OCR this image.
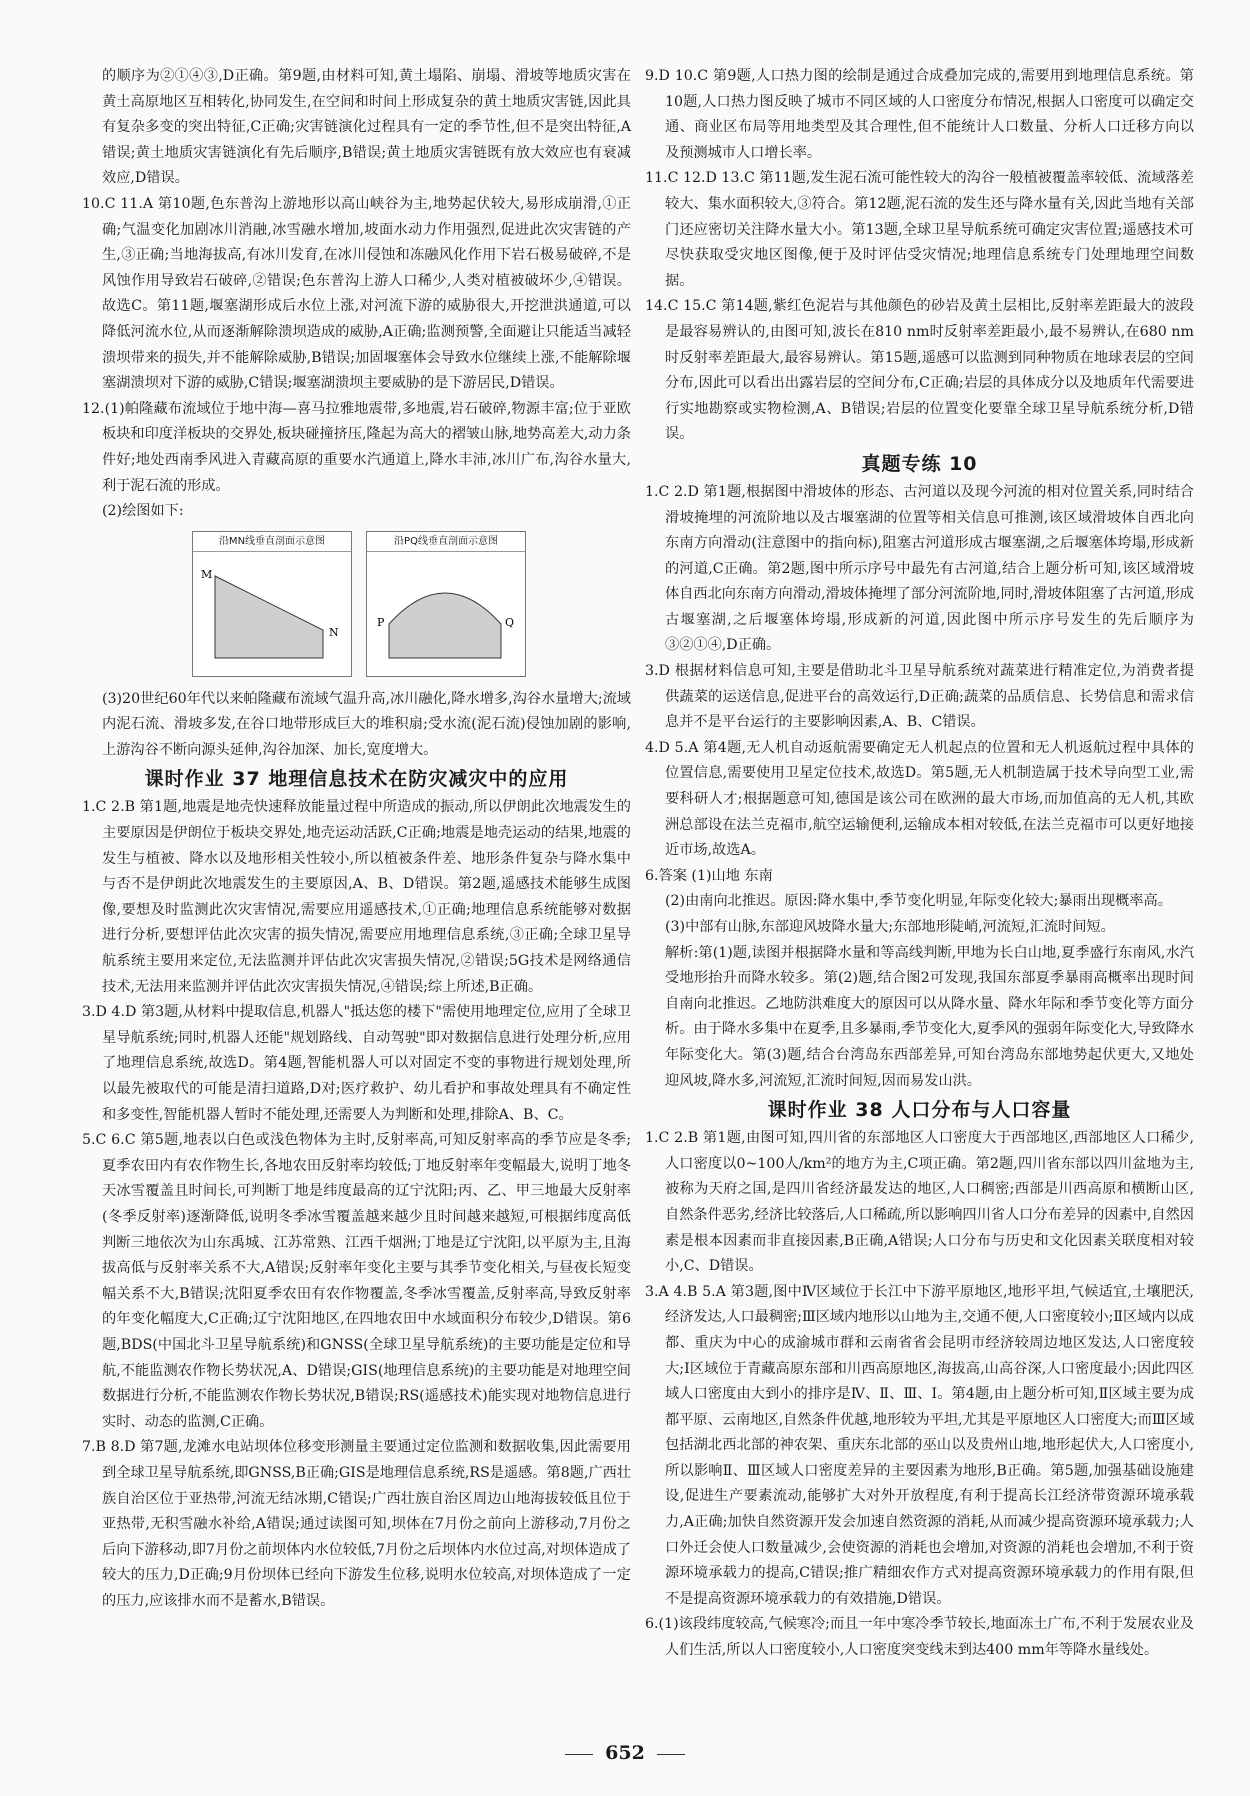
的顺序为②①④③,D正确。第9题,由材料可知,黄土塌陷、崩塌、滑坡等地质灾害在黄土高原地区互相转化,协同发生,在空间和时间上形成复杂的黄土地质灾害链,因此具有复杂多变的突出特征,C正确;灾害链演化过程具有一定的季节性,但不是突出特征,A错误;黄土地质灾害链演化有先后顺序,B错误;黄土地质灾害链既有放大效应也有衰减效应,D错误。

10.C 11.A 第10题,色东普沟上游地形以高山峡谷为主,地势起伏较大,易形成崩滑,①正确;气温变化加剧冰川消融,冰雪融水增加,坡面水动力作用强烈,促进此次灾害链的产生,③正确;当地海拔高,有冰川发育,在冰川侵蚀和冻融风化作用下岩石极易破碎,不是风蚀作用导致岩石破碎,②错误;色东普沟上游人口稀少,人类对植被破坏少,④错误。故选C。第11题,堰塞湖形成后水位上涨,对河流下游的威胁很大,开挖泄洪通道,可以降低河流水位,从而逐渐解除溃坝造成的威胁,A正确;监测预警,全面避让只能适当减轻溃坝带来的损失,并不能解除威胁,B错误;加固堰塞体会导致水位继续上涨,不能解除堰塞湖溃坝对下游的威胁,C错误;堰塞湖溃坝主要威胁的是下游居民,D错误。

12.(1)帕隆藏布流域位于地中海—喜马拉雅地震带,多地震,岩石破碎,物源丰富;位于亚欧板块和印度洋板块的交界处,板块碰撞挤压,隆起为高大的褶皱山脉,地势高差大,动力条件好;地处西南季风进入青藏高原的重要水汽通道上,降水丰沛,冰川广布,沟谷水量大,利于泥石流的形成。

(2)绘图如下:

沿MN线垂直剖面示意图
M
N
沿PQ线垂直剖面示意图
P	Q

(3)20世纪60年代以来帕隆藏布流域气温升高,冰川融化,降水增多,沟谷水量增大;流域内泥石流、滑坡多发,在谷口地带形成巨大的堆积扇;受水流(泥石流)侵蚀加剧的影响,上游沟谷不断向源头延伸,沟谷加深、加长,宽度增大。

课时作业 37 地理信息技术在防灾减灾中的应用

1.C 2.B 第1题,地震是地壳快速释放能量过程中所造成的振动,所以伊朗此次地震发生的主要原因是伊朗位于板块交界处,地壳运动活跃,C正确;地震是地壳运动的结果,地震的发生与植被、降水以及地形相关性较小,所以植被条件差、地形条件复杂与降水集中与否不是伊朗此次地震发生的主要原因,A、B、D错误。第2题,遥感技术能够生成图像,要想及时监测此次灾害情况,需要应用遥感技术,①正确;地理信息系统能够对数据进行分析,要想评估此次灾害的损失情况,需要应用地理信息系统,③正确;全球卫星导航系统主要用来定位,无法监测并评估此次灾害损失情况,②错误;5G技术是网络通信技术,无法用来监测并评估此次灾害损失情况,④错误;综上所述,B正确。

3.D 4.D 第3题,从材料中提取信息,机器人"抵达您的楼下"需使用地理定位,应用了全球卫星导航系统;同时,机器人还能"规划路线、自动驾驶"即对数据信息进行处理分析,应用了地理信息系统,故选D。第4题,智能机器人可以对固定不变的事物进行规划处理,所以最先被取代的可能是清扫道路,D对;医疗救护、幼儿看护和事故处理具有不确定性和多变性,智能机器人暂时不能处理,还需要人为判断和处理,排除A、B、C。

5.C 6.C 第5题,地表以白色或浅色物体为主时,反射率高,可知反射率高的季节应是冬季;夏季农田内有农作物生长,各地农田反射率均较低;丁地反射率年变幅最大,说明丁地冬天冰雪覆盖且时间长,可判断丁地是纬度最高的辽宁沈阳;丙、乙、甲三地最大反射率(冬季反射率)逐渐降低,说明冬季冰雪覆盖越来越少且时间越来越短,可根据纬度高低判断三地依次为山东禹城、江苏常熟、江西千烟洲;丁地是辽宁沈阳,以平原为主,且海拔高低与反射率关系不大,A错误;反射率年变化主要与其季节变化相关,与昼夜长短变幅关系不大,B错误;沈阳夏季农田有农作物覆盖,冬季冰雪覆盖,反射率高,导致反射率的年变化幅度大,C正确;辽宁沈阳地区,在四地农田中水域面积分布较少,D错误。第6题,BDS(中国北斗卫星导航系统)和GNSS(全球卫星导航系统)的主要功能是定位和导航,不能监测农作物长势状况,A、D错误;GIS(地理信息系统)的主要功能是对地理空间数据进行分析,不能监测农作物长势状况,B错误;RS(遥感技术)能实现对地物信息进行实时、动态的监测,C正确。

7.B 8.D 第7题,龙滩水电站坝体位移变形测量主要通过定位监测和数据收集,因此需要用到全球卫星导航系统,即GNSS,B正确;GIS是地理信息系统,RS是遥感。第8题,广西壮族自治区位于亚热带,河流无结冰期,C错误;广西壮族自治区周边山地海拔较低且位于亚热带,无积雪融水补给,A错误;通过读图可知,坝体在7月份之前向上游移动,7月份之后向下游移动,即7月份之前坝体内水位较低,7月份之后坝体内水位过高,对坝体造成了较大的压力,D正确;9月份坝体已经向下游发生位移,说明水位较高,对坝体造成了一定的压力,应该排水而不是蓄水,B错误。

9.D 10.C 第9题,人口热力图的绘制是通过合成叠加完成的,需要用到地理信息系统。第10题,人口热力图反映了城市不同区域的人口密度分布情况,根据人口密度可以确定交通、商业区布局等用地类型及其合理性,但不能统计人口数量、分析人口迁移方向以及预测城市人口增长率。

11.C 12.D 13.C 第11题,发生泥石流可能性较大的沟谷一般植被覆盖率较低、流域落差较大、集水面积较大,③符合。第12题,泥石流的发生还与降水量有关,因此当地有关部门还应密切关注降水量大小。第13题,全球卫星导航系统可确定灾害位置;遥感技术可尽快获取受灾地区图像,便于及时评估受灾情况;地理信息系统专门处理地理空间数据。

14.C 15.C 第14题,紫红色泥岩与其他颜色的砂岩及黄土层相比,反射率差距最大的波段是最容易辨认的,由图可知,波长在810 nm时反射率差距最小,最不易辨认,在680 nm时反射率差距最大,最容易辨认。第15题,遥感可以监测到同种物质在地球表层的空间分布,因此可以看出出露岩层的空间分布,C正确;岩层的具体成分以及地质年代需要进行实地勘察或实物检测,A、B错误;岩层的位置变化要靠全球卫星导航系统分析,D错误。

真题专练 10

1.C 2.D 第1题,根据图中滑坡体的形态、古河道以及现今河流的相对位置关系,同时结合滑坡掩埋的河流阶地以及古堰塞湖的位置等相关信息可推测,该区域滑坡体自西北向东南方向滑动(注意图中的指向标),阻塞古河道形成古堰塞湖,之后堰塞体垮塌,形成新的河道,C正确。第2题,图中所示序号中最先有古河道,结合上题分析可知,该区域滑坡体自西北向东南方向滑动,滑坡体掩埋了部分河流阶地,同时,滑坡体阻塞了古河道,形成古堰塞湖,之后堰塞体垮塌,形成新的河道,因此图中所示序号发生的先后顺序为③②①④,D正确。

3.D 根据材料信息可知,主要是借助北斗卫星导航系统对蔬菜进行精准定位,为消费者提供蔬菜的运送信息,促进平台的高效运行,D正确;蔬菜的品质信息、长势信息和需求信息并不是平台运行的主要影响因素,A、B、C错误。

4.D 5.A 第4题,无人机自动返航需要确定无人机起点的位置和无人机返航过程中具体的位置信息,需要使用卫星定位技术,故选D。第5题,无人机制造属于技术导向型工业,需要科研人才;根据题意可知,德国是该公司在欧洲的最大市场,而加值高的无人机,其欧洲总部设在法兰克福市,航空运输便利,运输成本相对较低,在法兰克福市可以更好地接近市场,故选A。

6.答案 (1)山地 东南

(2)由南向北推迟。原因:降水集中,季节变化明显,年际变化较大;暴雨出现概率高。

(3)中部有山脉,东部迎风坡降水量大;东部地形陡峭,河流短,汇流时间短。

解析:第(1)题,读图并根据降水量和等高线判断,甲地为长白山地,夏季盛行东南风,水汽受地形抬升而降水较多。第(2)题,结合图2可发现,我国东部夏季暴雨高概率出现时间自南向北推迟。乙地防洪难度大的原因可以从降水量、降水年际和季节变化等方面分析。由于降水多集中在夏季,且多暴雨,季节变化大,夏季风的强弱年际变化大,导致降水年际变化大。第(3)题,结合台湾岛东西部差异,可知台湾岛东部地势起伏更大,又地处迎风坡,降水多,河流短,汇流时间短,因而易发山洪。

课时作业 38 人口分布与人口容量

1.C 2.B 第1题,由图可知,四川省的东部地区人口密度大于西部地区,西部地区人口稀少,人口密度以0~100人/km²的地方为主,C项正确。第2题,四川省东部以四川盆地为主,被称为天府之国,是四川省经济最发达的地区,人口稠密;西部是川西高原和横断山区,自然条件恶劣,经济比较落后,人口稀疏,所以影响四川省人口分布差异的因素中,自然因素是根本因素而非直接因素,B正确,A错误;人口分布与历史和文化因素关联度相对较小,C、D错误。

3.A 4.B 5.A 第3题,图中Ⅳ区域位于长江中下游平原地区,地形平坦,气候适宜,土壤肥沃,经济发达,人口最稠密;Ⅲ区域内地形以山地为主,交通不便,人口密度较小;Ⅱ区域内以成都、重庆为中心的成渝城市群和云南省省会昆明市经济较周边地区发达,人口密度较大;Ⅰ区域位于青藏高原东部和川西高原地区,海拔高,山高谷深,人口密度最小;因此四区域人口密度由大到小的排序是Ⅳ、Ⅱ、Ⅲ、Ⅰ。第4题,由上题分析可知,Ⅱ区域主要为成都平原、云南地区,自然条件优越,地形较为平坦,尤其是平原地区人口密度大;而Ⅲ区域包括湖北西北部的神农架、重庆东北部的巫山以及贵州山地,地形起伏大,人口密度小,所以影响Ⅱ、Ⅲ区域人口密度差异的主要因素为地形,B正确。第5题,加强基础设施建设,促进生产要素流动,能够扩大对外开放程度,有利于提高长江经济带资源环境承载力,A正确;加快自然资源开发会加速自然资源的消耗,从而减少提高资源环境承载力;人口外迁会使人口数量减少,会使资源的消耗也会增加,对资源的消耗也会增加,不利于资源环境承载力的提高,C错误;推广精细农作方式对提高资源环境承载力的作用有限,但不是提高资源环境承载力的有效措施,D错误。

6.(1)该段纬度较高,气候寒冷;而且一年中寒冷季节较长,地面冻土广布,不利于发展农业及人们生活,所以人口密度较小,人口密度突变线未到达400 mm年等降水量线处。

652
